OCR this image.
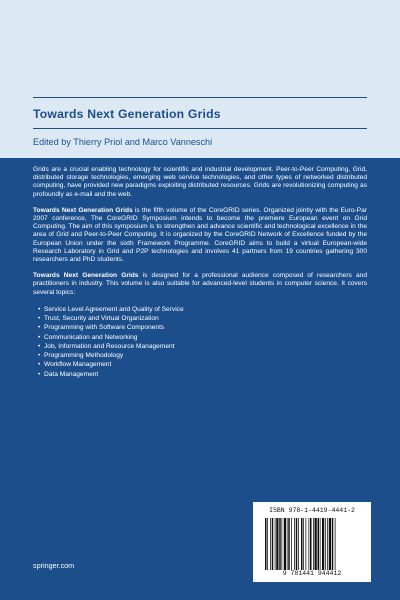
Towards Next Generation Grids
Edited by Thierry Priol and Marco Vanneschi

Grids are a crucial enabling technology for scientific and industrial development. Peer-to-Peer Computing, Grid, distributed storage technologies, emerging web service technologies, and other types of networked distributed computing, have provided new paradigms exploiting distributed resources. Grids are revolutionizing computing as profoundly as e-mail and the web.

Towards Next Generation Grids is the fifth volume of the CoreGRID series. Organized jointly with the Euro-Par 2007 conference, The CoreGRID Symposium intends to become the premiere European event on Grid Computing. The aim of this symposium is to strengthen and advance scientific and technological excellence in the area of Grid and Peer-to-Peer Computing. It is organized by the CoreGRID Network of Excellence funded by the European Union under the sixth Framework Programme. CoreGRID aims to build a virtual European-wide Research Laboratory in Grid and P2P technologies and involves 41 partners from 19 countries gathering 300 researchers and PhD students.

Towards Next Generation Grids is designed for a professional audience composed of researchers and practitioners in industry. This volume is also suitable for advanced-level students in computer science. It covers several topics:

• Service Level Agreement and Quality of Service
• Trust, Security and Virtual Organization
• Programming with Software Components
• Communication and Networking
• Job, Information and Resource Management
• Programming Methodology
• Workflow Management
• Data Management
ISBN 978-1-4419-4441-2
9 781441 944412
springer.com
